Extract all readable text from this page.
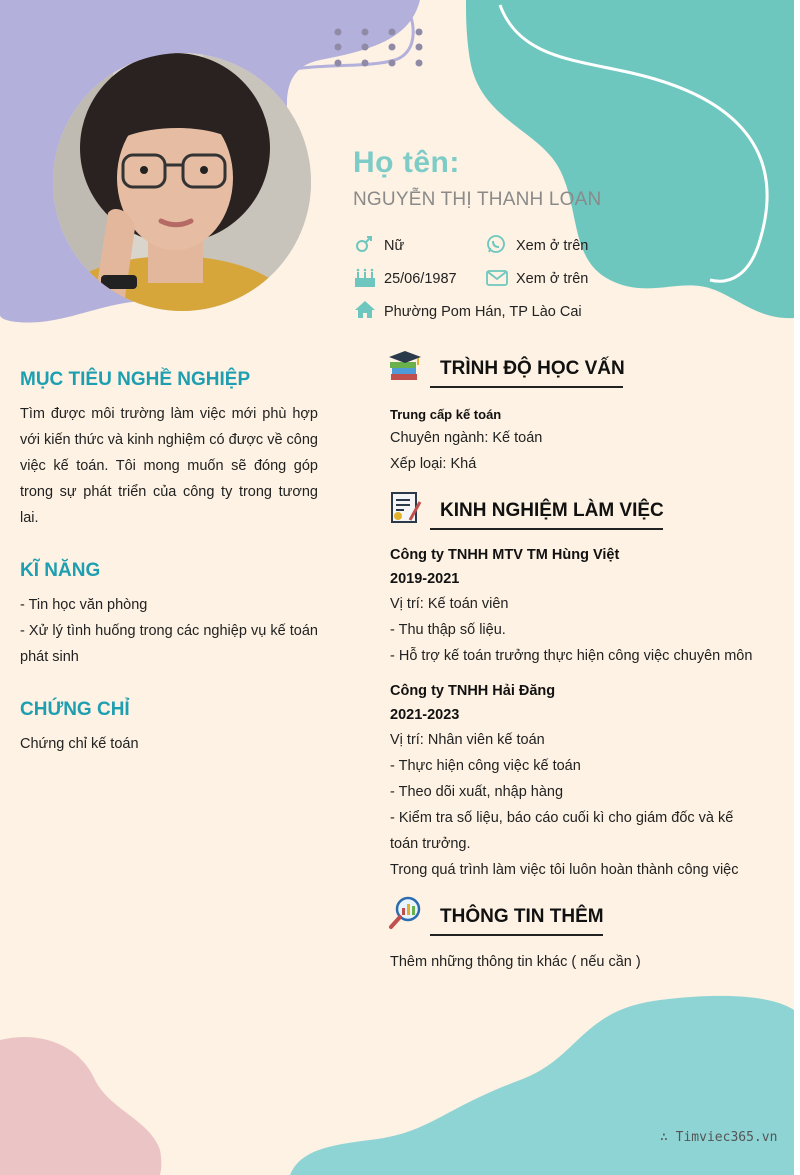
Họ tên:
NGUYỄN THỊ THANH LOAN
Nữ	Xem ở trên
25/06/1987	Xem ở trên
Phường Pom Hán, TP Lào Cai
MỤC TIÊU NGHỀ NGHIỆP
Tìm được môi trường làm việc mới phù hợp với kiến thức và kinh nghiệm có được về công việc kế toán. Tôi mong muốn sẽ đóng góp trong sự phát triển của công ty trong tương lai.
KĨ NĂNG
- Tin học văn phòng
- Xử lý tình huống trong các nghiệp vụ kế toán phát sinh
CHỨNG CHỈ
Chứng chỉ kế toán
TRÌNH ĐỘ HỌC VẤN
Trung cấp kế toán
Chuyên ngành: Kế toán
Xếp loại: Khá
KINH NGHIỆM LÀM VIỆC
Công ty TNHH MTV TM Hùng Việt
2019-2021
Vị trí: Kế toán viên
- Thu thập số liệu.
- Hỗ trợ kế toán trưởng thực hiện công việc chuyên môn
Công ty TNHH Hải Đăng
2021-2023
Vị trí: Nhân viên kế toán
- Thực hiện công việc kế toán
- Theo dõi xuất, nhập hàng
- Kiểm tra số liệu, báo cáo cuối kì cho giám đốc và kế toán trưởng.
Trong quá trình làm việc tôi luôn hoàn thành công việc
THÔNG TIN THÊM
Thêm những thông tin khác ( nếu cần )
∴ Timviec365.vn
